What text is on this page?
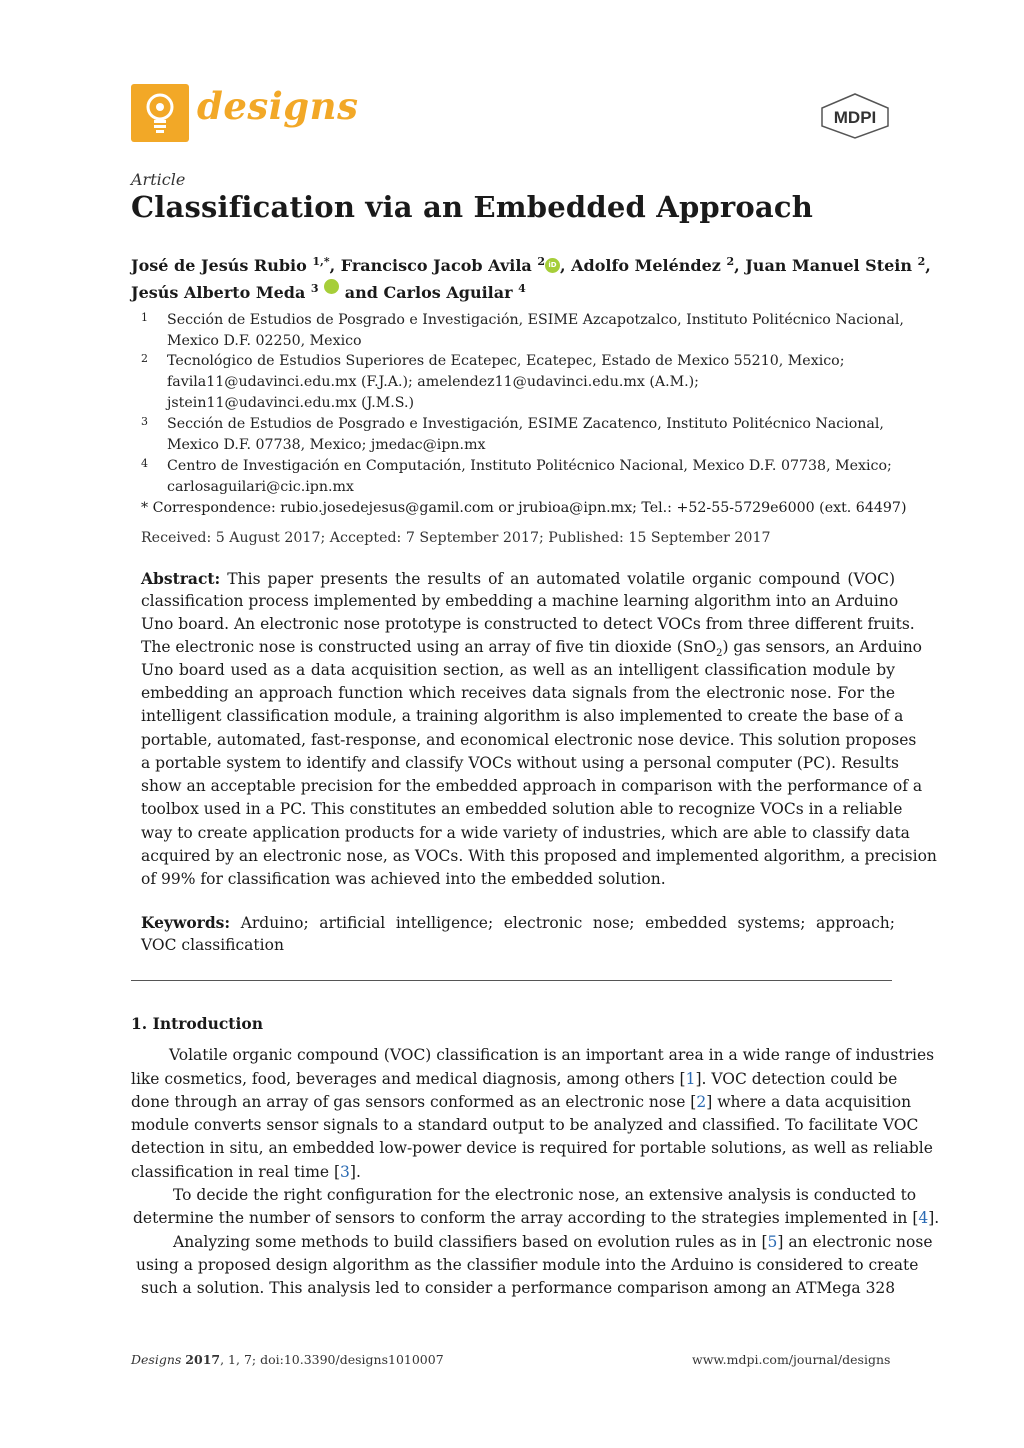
designs	MDPI
Article
Classification via an Embedded Approach
José de Jesús Rubio $^{1,*}$, Francisco Jacob Avila $^2$ iD , Adolfo Meléndez $^2$, Juan Manuel Stein $^2$,
Jesús Alberto Meda $^3$ and Carlos Aguilar $^4$
1 Sección de Estudios de Posgrado e Investigación, ESIME Azcapotzalco, Instituto Politécnico Nacional,
Mexico D.F. 02250, Mexico
2 Tecnológico de Estudios Superiores de Ecatepec, Ecatepec, Estado de Mexico 55210, Mexico;
favila11@udavinci.edu.mx (F.J.A.); amelendez11@udavinci.edu.mx (A.M.);
jstein11@udavinci.edu.mx (J.M.S.)
3 Sección de Estudios de Posgrado e Investigación, ESIME Zacatenco, Instituto Politécnico Nacional,
Mexico D.F. 07738, Mexico; jmedac@ipn.mx
4 Centro de Investigación en Computación, Instituto Politécnico Nacional, Mexico D.F. 07738, Mexico;
carlosaguilari@cic.ipn.mx
* Correspondence: rubio.josedejesus@gamil.com or jrubioa@ipn.mx; Tel.: +52-55-5729e6000 (ext. 64497)
Received: 5 August 2017; Accepted: 7 September 2017; Published: 15 September 2017
Abstract: This paper presents the results of an automated volatile organic compound (VOC)
classification process implemented by embedding a machine learning algorithm into an Arduino
Uno board. An electronic nose prototype is constructed to detect VOCs from three different fruits.
The electronic nose is constructed using an array of five tin dioxide (SnO$_2$) gas sensors, an Arduino
Uno board used as a data acquisition section, as well as an intelligent classification module by
embedding an approach function which receives data signals from the electronic nose. For the
intelligent classification module, a training algorithm is also implemented to create the base of a
portable, automated, fast-response, and economical electronic nose device. This solution proposes
a portable system to identify and classify VOCs without using a personal computer (PC). Results
show an acceptable precision for the embedded approach in comparison with the performance of a
toolbox used in a PC. This constitutes an embedded solution able to recognize VOCs in a reliable
way to create application products for a wide variety of industries, which are able to classify data
acquired by an electronic nose, as VOCs. With this proposed and implemented algorithm, a precision
of 99% for classification was achieved into the embedded solution.
Keywords: Arduino; artificial intelligence; electronic nose; embedded systems; approach;
VOC classification
1. Introduction
Volatile organic compound (VOC) classification is an important area in a wide range of industries
like cosmetics, food, beverages and medical diagnosis, among others [1]. VOC detection could be
done through an array of gas sensors conformed as an electronic nose [2] where a data acquisition
module converts sensor signals to a standard output to be analyzed and classified. To facilitate VOC
detection in situ, an embedded low-power device is required for portable solutions, as well as reliable
classification in real time [3].
To decide the right configuration for the electronic nose, an extensive analysis is conducted to
determine the number of sensors to conform the array according to the strategies implemented in [4].
Analyzing some methods to build classifiers based on evolution rules as in [5] an electronic nose
using a proposed design algorithm as the classifier module into the Arduino is considered to create
such a solution. This analysis led to consider a performance comparison among an ATMega 328
Designs 2017, 1, 7; doi:10.3390/designs1010007	www.mdpi.com/journal/designs
